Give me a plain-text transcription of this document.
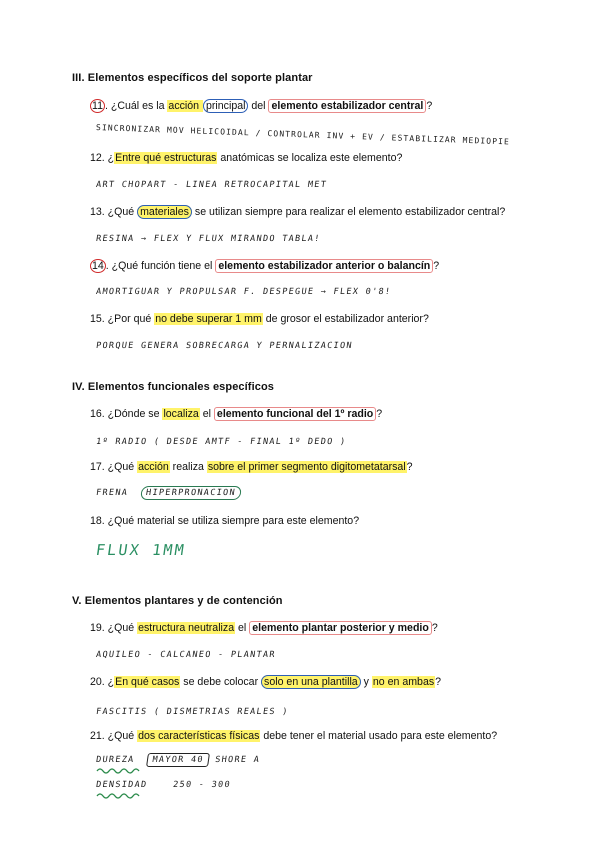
III. Elementos específicos del soporte plantar
11 . ¿Cuál es la acción principal del elemento estabilizador central ?
SINCRONIZAR MOV HELICOIDAL / CONTROLAR INV + EV / ESTABILIZAR MEDIOPIE
12. ¿Entre qué estructuras anatómicas se localiza este elemento?
ART CHOPART - LINEA RETROCAPITAL MET
13. ¿Qué materiales se utilizan siempre para realizar el elemento estabilizador central?
RESINA → FLEX Y FLUX MIRANDO TABLA!
14 . ¿Qué función tiene el elemento estabilizador anterior o balancín ?
AMORTIGUAR Y PROPULSAR F. DESPEGUE → FLEX 0'8!
15. ¿Por qué no debe superar 1 mm de grosor el estabilizador anterior?
PORQUE GENERA SOBRECARGA Y PERNALIZACION
IV. Elementos funcionales específicos
16. ¿Dónde se localiza el elemento funcional del 1º radio ?
1º RADIO ( DESDE AMTF - FINAL 1º DEDO )
17. ¿Qué acción realiza sobre el primer segmento digitometatarsal?
FRENA HIPERPRONACION
18. ¿Qué material se utiliza siempre para este elemento?
FLUX 1MM
V. Elementos plantares y de contención
19. ¿Qué estructura neutraliza el elemento plantar posterior y medio ?
AQUILEO - CALCANEO - PLANTAR
20. ¿En qué casos se debe colocar solo en una plantilla y no en ambas?
FASCITIS ( DISMETRIAS REALES )
21. ¿Qué dos características físicas debe tener el material usado para este elemento?
DUREZA MAYOR 40 SHORE A
DENSIDAD	250 - 300
